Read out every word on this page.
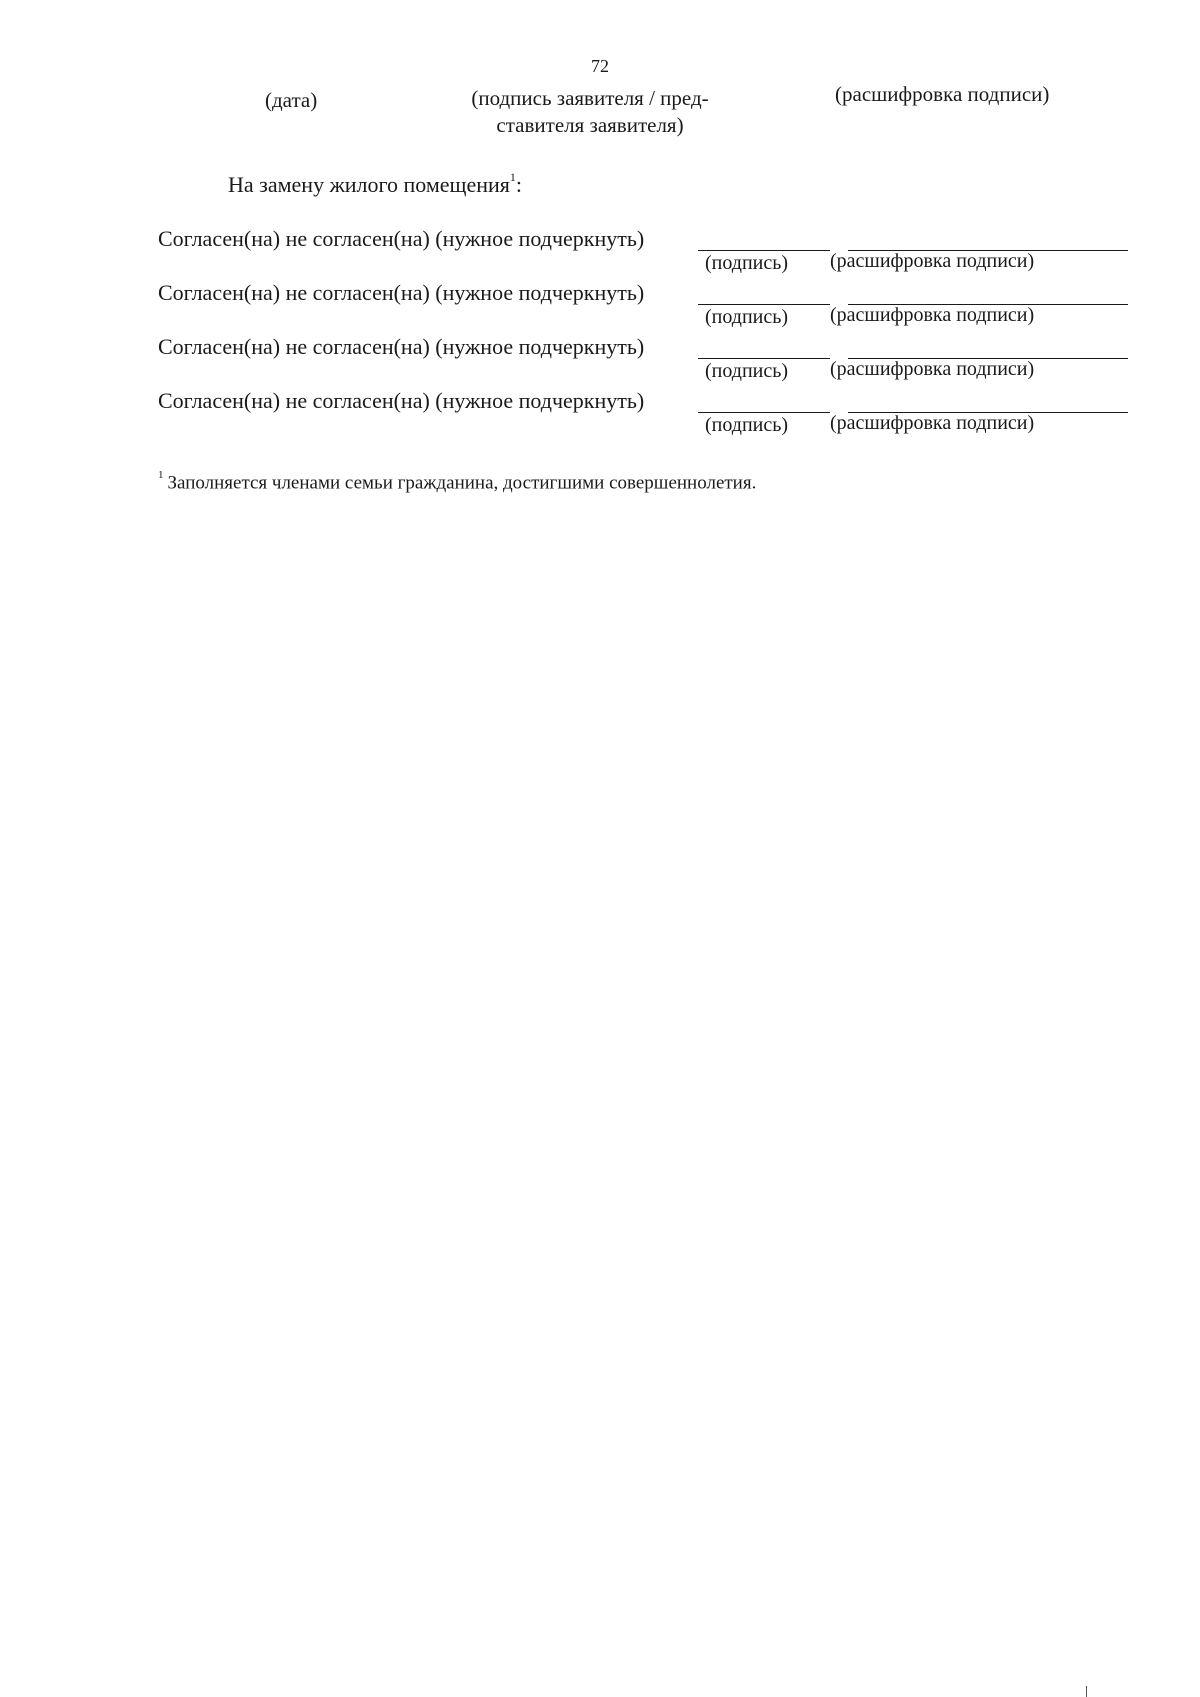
72
(дата)	(подпись заявителя / пред-
ставителя заявителя)
(расшифровка подписи)
На замену жилого помещения$^1$:
Согласен(на) не согласен(на) (нужное подчеркнуть)
(подпись) (расшифровка подписи)
Согласен(на) не согласен(на) (нужное подчеркнуть)
(подпись) (расшифровка подписи)
Согласен(на) не согласен(на) (нужное подчеркнуть)
(подпись) (расшифровка подписи)
Согласен(на) не согласен(на) (нужное подчеркнуть)
(подпись) (расшифровка подписи)
$^1$ Заполняется членами семьи гражданина, достигшими совершеннолетия.
